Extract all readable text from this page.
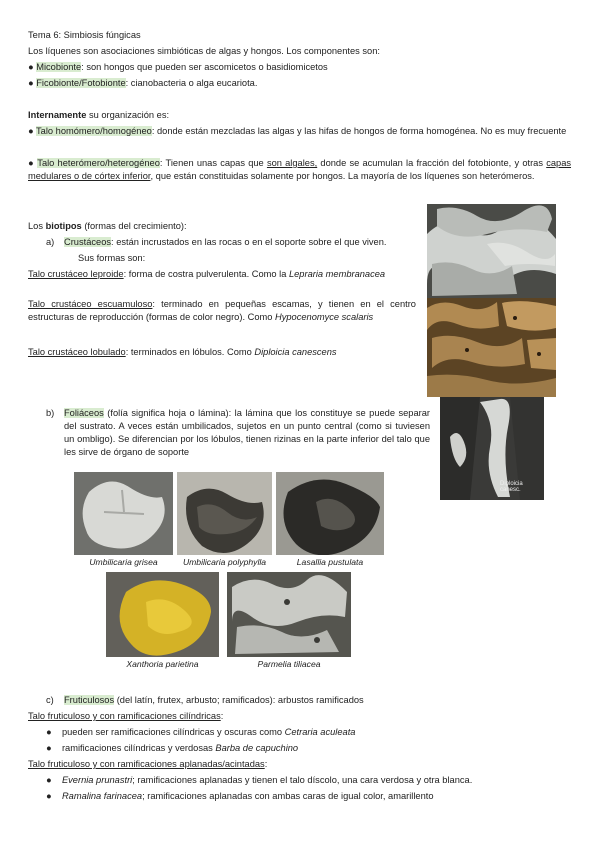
Tema 6: Simbiosis fúngicas
Los líquenes son asociaciones simbióticas de algas y hongos. Los componentes son:
● Micobionte: son hongos que pueden ser ascomicetos o basidiomicetos
● Ficobionte/Fotobionte: cianobacteria o alga eucariota.
Internamente su organización es:
● Talo homómero/homogéneo: donde están mezcladas las algas y las hifas de hongos de forma homogénea. No es muy frecuente
● Talo heterómero/heterogéneo: Tienen unas capas que son algales, donde se acumulan la fracción del fotobionte, y otras capas medulares o de córtex inferior, que están constituidas solamente por hongos. La mayoría de los líquenes son heterómeros.
Los biotipos (formas del crecimiento):
a) Crustáceos: están incrustados en las rocas o en el soporte sobre el que viven.
Sus formas son:
Talo crustáceo leproide: forma de costra pulverulenta. Como la Lepraria membranacea
Talo crustáceo escuamuloso: terminado en pequeñas escamas, y tienen en el centro estructuras de reproducción (formas de color negro). Como Hypocenomyce scalaris
Talo crustáceo lobulado: terminados en lóbulos. Como Diploicia canescens
b) Foliáceos (folía significa hoja o lámina): la lámina que los constituye se puede separar del sustrato. A veces están umbilicados, sujetos en un punto central (como si tuviesen un ombligo). Se diferencian por los lóbulos, tienen rizinas en la parte inferior del talo que les sirve de órgano de soporte
Diploicia canesc.
Umbilicaria grisea	Umbilicaria polyphylla	Lasallia pustulata
Xanthoria parietina	Parmelia tiliacea
c) Fruticulosos (del latín, frutex, arbusto; ramificados): arbustos ramificados
Talo fruticuloso y con ramificaciones cilíndricas:
●    pueden ser ramificaciones cilíndricas y oscuras como Cetraria aculeata
●    ramificaciones cilíndricas y verdosas Barba de capuchino
Talo fruticuloso y con ramificaciones aplanadas/acintadas:
●    Evernia prunastri; ramificaciones aplanadas y tienen el talo díscolo, una cara verdosa y otra blanca.
●    Ramalina farinacea; ramificaciones aplanadas con ambas caras de igual color, amarillento
